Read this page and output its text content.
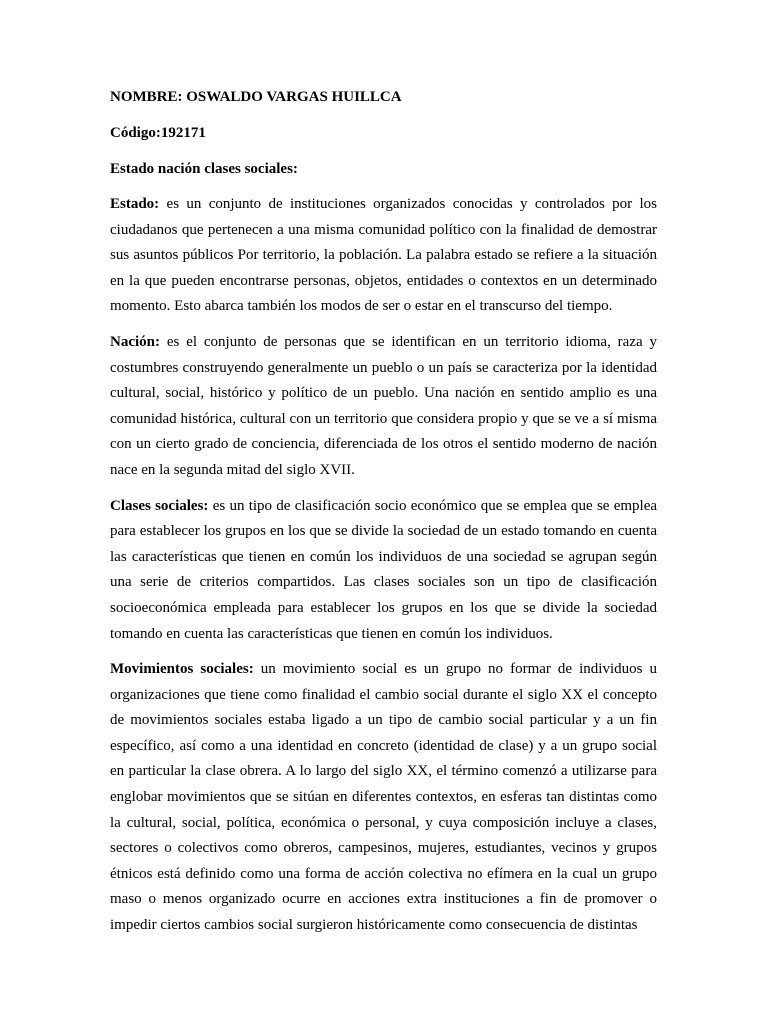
NOMBRE: OSWALDO VARGAS HUILLCA
Código:192171
Estado nación clases sociales:

Estado: es un conjunto de instituciones organizados conocidas y controlados por los ciudadanos que pertenecen a una misma comunidad político con la finalidad de demostrar sus asuntos públicos Por territorio, la población. La palabra estado se refiere a la situación en la que pueden encontrarse personas, objetos, entidades o contextos en un determinado momento. Esto abarca también los modos de ser o estar en el transcurso del tiempo.

Nación: es el conjunto de personas que se identifican en un territorio idioma, raza y costumbres construyendo generalmente un pueblo o un país se caracteriza por la identidad cultural, social, histórico y político de un pueblo. Una nación en sentido amplio es una comunidad histórica, cultural con un territorio que considera propio y que se ve a sí misma con un cierto grado de conciencia, diferenciada de los otros el sentido moderno de nación nace en la segunda mitad del siglo XVII.

Clases sociales: es un tipo de clasificación socio económico que se emplea que se emplea para establecer los grupos en los que se divide la sociedad de un estado tomando en cuenta las características que tienen en común los individuos de una sociedad se agrupan según una serie de criterios compartidos. Las clases sociales son un tipo de clasificación socioeconómica empleada para establecer los grupos en los que se divide la sociedad tomando en cuenta las características que tienen en común los individuos.

Movimientos sociales: un movimiento social es un grupo no formar de individuos u organizaciones que tiene como finalidad el cambio social durante el siglo XX el concepto de movimientos sociales estaba ligado a un tipo de cambio social particular y a un fin específico, así como a una identidad en concreto (identidad de clase) y a un grupo social en particular la clase obrera. A lo largo del siglo XX, el término comenzó a utilizarse para englobar movimientos que se sitúan en diferentes contextos, en esferas tan distintas como la cultural, social, política, económica o personal, y cuya composición incluye a clases, sectores o colectivos como obreros, campesinos, mujeres, estudiantes, vecinos y grupos étnicos está definido como una forma de acción colectiva no efímera en la cual un grupo maso o menos organizado ocurre en acciones extra instituciones a fin de promover o impedir ciertos cambios social surgieron históricamente como consecuencia de distintas
